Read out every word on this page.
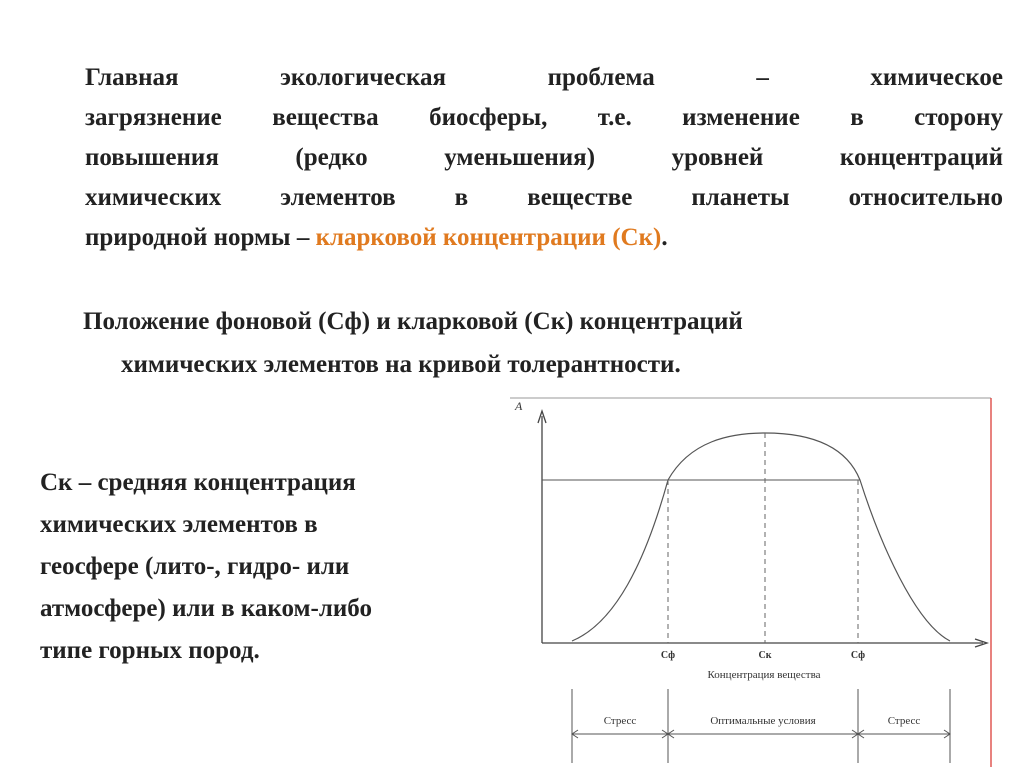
Главная экологическая проблема – химическое
загрязнение вещества биосферы, т.е. изменение в сторону
повышения (редко уменьшения) уровней концентраций
химических элементов в веществе планеты относительно
природной нормы – кларковой концентрации (Ск).
Положение фоновой (Сф) и кларковой (Ск) концентраций
химических элементов на кривой толерантности.
Ск – средняя концентрация
химических элементов в
геосфере (лито-, гидро- или
атмосфере) или в каком-либо
типе горных пород.
A
Сф	Ск	Сф
Концентрация вещества
Стресс	Оптимальные условия	Стресс
